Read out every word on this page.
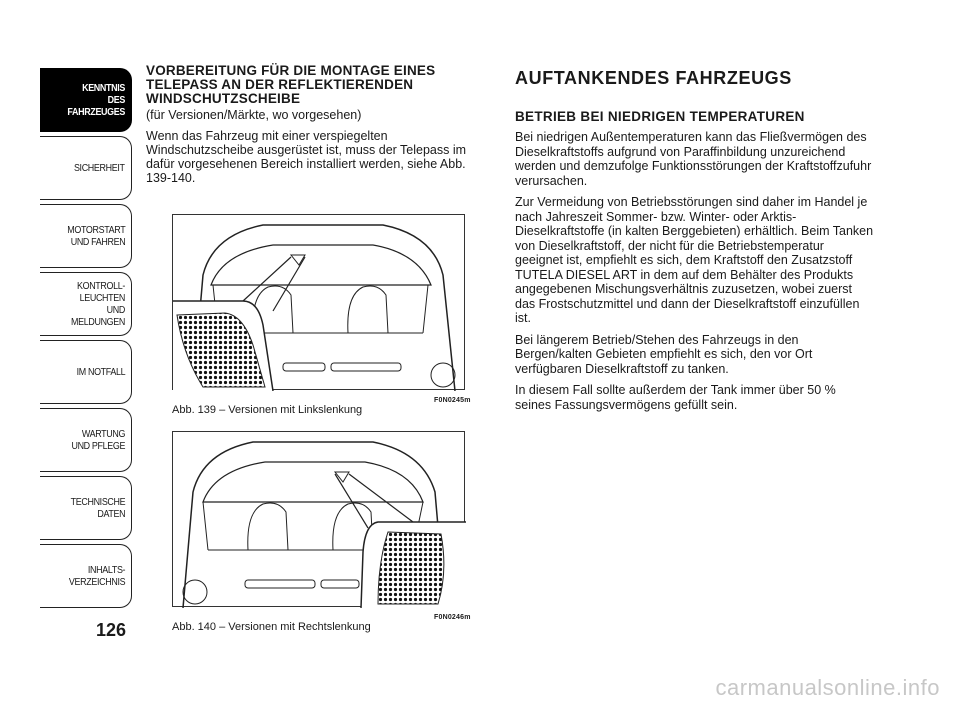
KENNTNIS
DES FAHRZEUGES
SICHERHEIT
MOTORSTART
UND FAHREN
KONTROLL-
LEUCHTEN
UND MELDUNGEN
IM NOTFALL
WARTUNG
UND PFLEGE
TECHNISCHE
DATEN
INHALTS-
VERZEICHNIS
126
VORBEREITUNG FÜR DIE MONTAGE EINES TELEPASS AN DER REFLEKTIERENDEN WINDSCHUTZSCHEIBE

(für Versionen/Märkte, wo vorgesehen)

Wenn das Fahrzeug mit einer verspiegelten Windschutzscheibe ausgerüstet ist, muss der Telepass im dafür vorgesehenen Bereich installiert werden, siehe Abb. 139-140.

F0N0245m
Abb. 139 – Versionen mit Linkslenkung
F0N0246m
Abb. 140 – Versionen mit Rechtslenkung
AUFTANKENDES FAHRZEUGS
BETRIEB BEI NIEDRIGEN TEMPERATUREN

Bei niedrigen Außentemperaturen kann das Fließvermögen des Dieselkraftstoffs aufgrund von Paraffinbildung unzureichend werden und demzufolge Funktionsstörungen der Kraftstoffzufuhr verursachen.

Zur Vermeidung von Betriebsstörungen sind daher im Handel je nach Jahreszeit Sommer- bzw. Winter- oder Arktis-Dieselkraftstoffe (in kalten Berggebieten) erhältlich. Beim Tanken von Dieselkraftstoff, der nicht für die Betriebstemperatur geeignet ist, empfiehlt es sich, dem Kraftstoff den Zusatzstoff TUTELA DIESEL ART in dem auf dem Behälter des Produkts angegebenen Mischungsverhältnis zuzusetzen, wobei zuerst das Frostschutzmittel und dann der Dieselkraftstoff einzufüllen ist.

Bei längerem Betrieb/Stehen des Fahrzeugs in den Bergen/kalten Gebieten empfiehlt es sich, den vor Ort verfügbaren Dieselkraftstoff zu tanken.

In diesem Fall sollte außerdem der Tank immer über 50 % seines Fassungsvermögens gefüllt sein.

carmanualsonline.info
